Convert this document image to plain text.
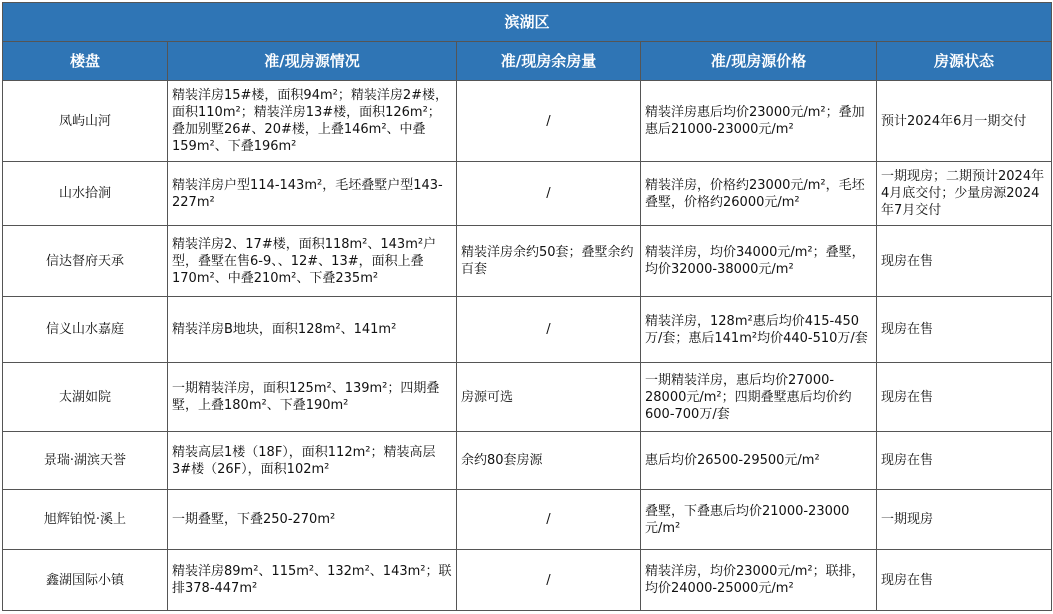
滨湖区				
楼盘	准/现房源情况	准/现房余房量	准/现房源价格	房源状态
凤屿山河	精装洋房15#楼，面积94m²；精装洋房2#楼，面积110m²；精装洋房13#楼，面积126m²；叠加别墅26#、20#楼，上叠146m²、中叠159m²、下叠196m²	/	精装洋房惠后均价23000元/m²；叠加惠后21000-23000元/m²	预计2024年6月一期交付
山水拾涧	精装洋房户型114-143m²，毛坯叠墅户型143-227m²	/	精装洋房，价格约23000元/m²，毛坯叠墅，价格约26000元/m²	一期现房；二期预计2024年4月底交付；少量房源2024年7月交付
信达督府天承	精装洋房2、17#楼，面积118m²、143m²户型，叠墅在售6-9、、12#、13#，面积上叠170m²、中叠210m²、下叠235m²	精装洋房余约50套；叠墅余约百套	精装洋房，均价34000元/m²；叠墅，均价32000-38000元/m²	现房在售
信义山水嘉庭	精装洋房B地块，面积128m²、141m²	/	精装洋房，128m²惠后均价415-450万/套；惠后141m²均价440-510万/套	现房在售
太湖如院	一期精装洋房，面积125m²、139m²；四期叠墅，上叠180m²、下叠190m²	房源可选	一期精装洋房，惠后均价27000-28000元/m²；四期叠墅惠后均价约600-700万/套	现房在售
景瑞·湖滨天誉	精装高层1楼（18F），面积112m²；精装高层3#楼（26F），面积102m²	余约80套房源	惠后均价26500-29500元/m²	现房在售
旭辉铂悦·溪上	一期叠墅，下叠250-270m²	/	叠墅，下叠惠后均价21000-23000元/m²	一期现房
鑫湖国际小镇	精装洋房89m²、115m²、132m²、143m²；联排378-447m²	/	精装洋房，均价23000元/m²；联排，均价24000-25000元/m²	现房在售
